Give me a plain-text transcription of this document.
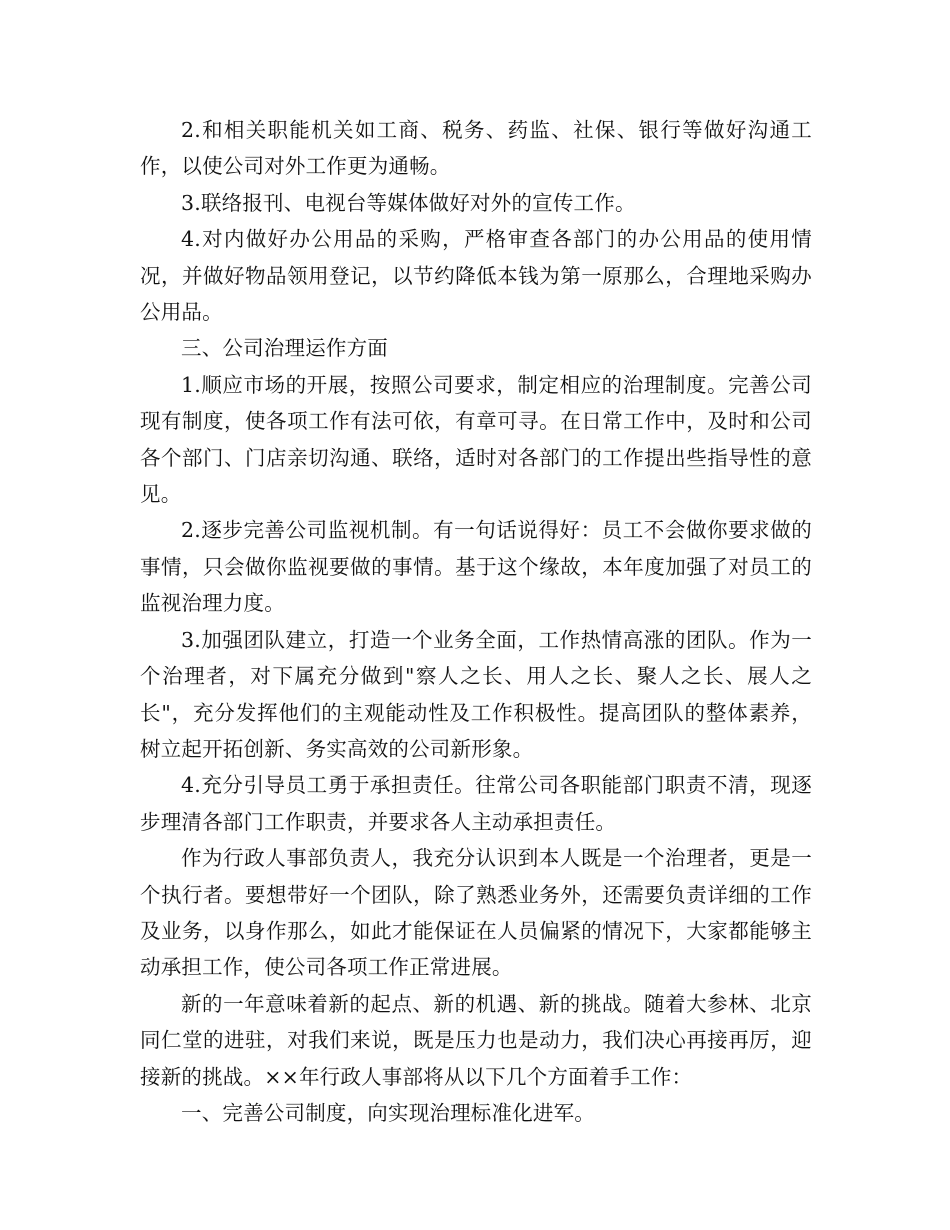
2.和相关职能机关如工商、税务、药监、社保、银行等做好沟通工作，以使公司对外工作更为通畅。

3.联络报刊、电视台等媒体做好对外的宣传工作。

4.对内做好办公用品的采购，严格审查各部门的办公用品的使用情况，并做好物品领用登记，以节约降低本钱为第一原那么，合理地采购办公用品。

三、公司治理运作方面

1.顺应市场的开展，按照公司要求，制定相应的治理制度。完善公司现有制度，使各项工作有法可依，有章可寻。在日常工作中，及时和公司各个部门、门店亲切沟通、联络，适时对各部门的工作提出些指导性的意见。

2.逐步完善公司监视机制。有一句话说得好：员工不会做你要求做的事情，只会做你监视要做的事情。基于这个缘故，本年度加强了对员工的监视治理力度。

3.加强团队建立，打造一个业务全面，工作热情高涨的团队。作为一个治理者，对下属充分做到"察人之长、用人之长、聚人之长、展人之长"，充分发挥他们的主观能动性及工作积极性。提高团队的整体素养，树立起开拓创新、务实高效的公司新形象。

4.充分引导员工勇于承担责任。往常公司各职能部门职责不清，现逐步理清各部门工作职责，并要求各人主动承担责任。

作为行政人事部负责人，我充分认识到本人既是一个治理者，更是一个执行者。要想带好一个团队，除了熟悉业务外，还需要负责详细的工作及业务，以身作那么，如此才能保证在人员偏紧的情况下，大家都能够主动承担工作，使公司各项工作正常进展。

新的一年意味着新的起点、新的机遇、新的挑战。随着大参林、北京同仁堂的进驻，对我们来说，既是压力也是动力，我们决心再接再厉，迎接新的挑战。××年行政人事部将从以下几个方面着手工作：

一、完善公司制度，向实现治理标准化进军。
